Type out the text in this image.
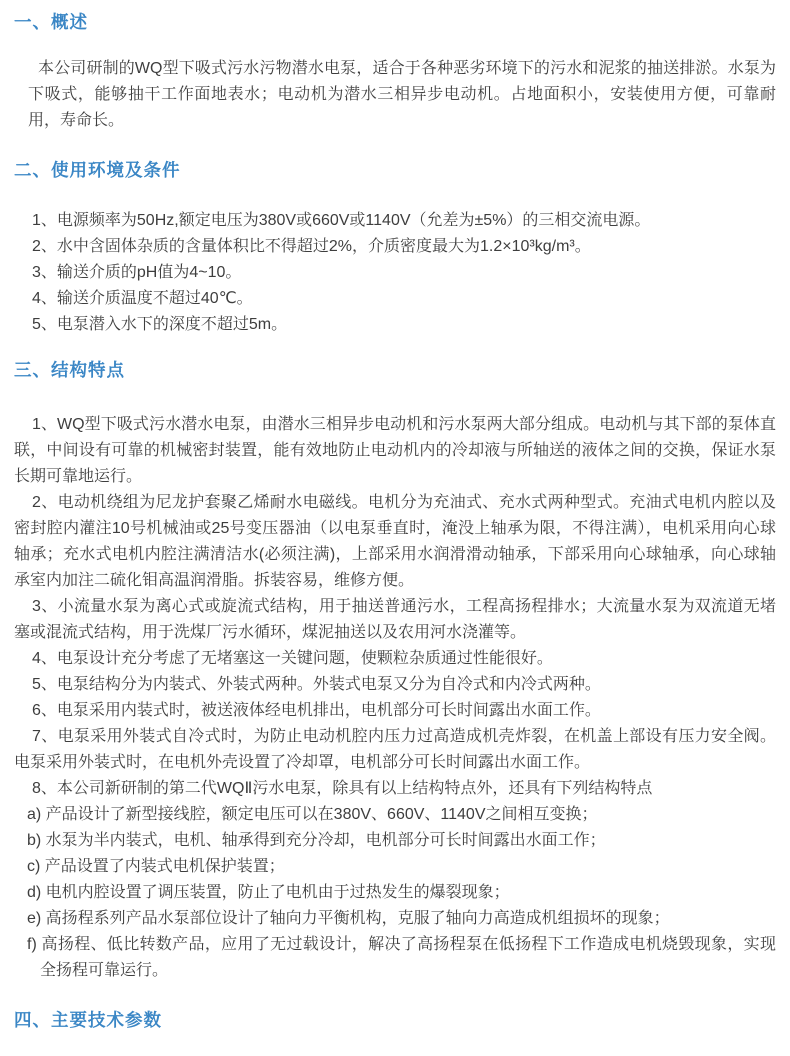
一、概述

本公司研制的WQ型下吸式污水污物潜水电泵，适合于各种恶劣环境下的污水和泥浆的抽送排淤。水泵为下吸式，能够抽干工作面地表水；电动机为潜水三相异步电动机。占地面积小，安装使用方便，可靠耐用，寿命长。

二、使用环境及条件

1、电源频率为50Hz,额定电压为380V或660V或1140V（允差为±5%）的三相交流电源。

2、水中含固体杂质的含量体积比不得超过2%，介质密度最大为1.2×10³kg/m³。

3、输送介质的pH值为4~10。

4、输送介质温度不超过40℃。

5、电泵潜入水下的深度不超过5m。

三、结构特点

1、WQ型下吸式污水潜水电泵，由潜水三相异步电动机和污水泵两大部分组成。电动机与其下部的泵体直联，中间设有可靠的机械密封装置，能有效地防止电动机内的冷却液与所轴送的液体之间的交换，保证水泵长期可靠地运行。

2、电动机绕组为尼龙护套聚乙烯耐水电磁线。电机分为充油式、充水式两种型式。充油式电机内腔以及密封腔内灌注10号机械油或25号变压器油（以电泵垂直时，淹没上轴承为限，不得注满），电机采用向心球轴承；充水式电机内腔注满清洁水(必须注满)，上部采用水润滑滑动轴承，下部采用向心球轴承，向心球轴承室内加注二硫化钼高温润滑脂。拆装容易，维修方便。

3、小流量水泵为离心式或旋流式结构，用于抽送普通污水，工程高扬程排水；大流量水泵为双流道无堵塞或混流式结构，用于洗煤厂污水循环，煤泥抽送以及农用河水浇灌等。

4、电泵设计充分考虑了无堵塞这一关键问题，使颗粒杂质通过性能很好。

5、电泵结构分为内装式、外装式两种。外装式电泵又分为自冷式和内冷式两种。

6、电泵采用内装式时，被送液体经电机排出，电机部分可长时间露出水面工作。

7、电泵采用外装式自冷式时，为防止电动机腔内压力过高造成机壳炸裂，在机盖上部设有压力安全阀。电泵采用外装式时，在电机外壳设置了冷却罩，电机部分可长时间露出水面工作。

8、本公司新研制的第二代WQⅡ污水电泵，除具有以上结构特点外，还具有下列结构特点

a) 产品设计了新型接线腔，额定电压可以在380V、660V、1140V之间相互变换；

b) 水泵为半内装式，电机、轴承得到充分冷却，电机部分可长时间露出水面工作；

c) 产品设置了内装式电机保护装置；

d) 电机内腔设置了调压装置，防止了电机由于过热发生的爆裂现象；

e) 高扬程系列产品水泵部位设计了轴向力平衡机构，克服了轴向力高造成机组损坏的现象；

f) 高扬程、低比转数产品，应用了无过载设计，解决了高扬程泵在低扬程下工作造成电机烧毁现象，实现全扬程可靠运行。

四、主要技术参数
